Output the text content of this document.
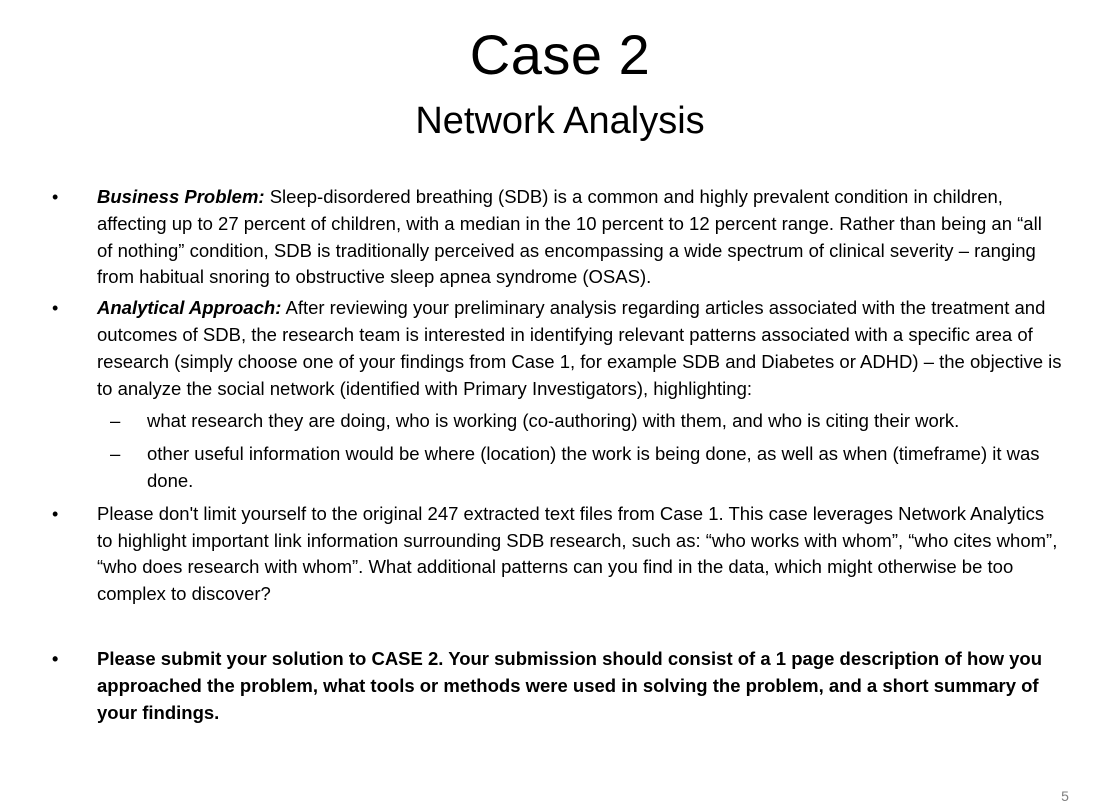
Case 2
Network Analysis
• Business Problem: Sleep-disordered breathing (SDB) is a common and highly prevalent condition in children, affecting up to 27 percent of children, with a median in the 10 percent to 12 percent range. Rather than being an “all of nothing” condition, SDB is traditionally perceived as encompassing a wide spectrum of clinical severity – ranging from habitual snoring to obstructive sleep apnea syndrome (OSAS).
• Analytical Approach: After reviewing your preliminary analysis regarding articles associated with the treatment and outcomes of SDB, the research team is interested in identifying relevant patterns associated with a specific area of research (simply choose one of your findings from Case 1, for example SDB and Diabetes or ADHD) – the objective is to analyze the social network (identified with Primary Investigators), highlighting:
– what research they are doing, who is working (co-authoring) with them, and who is citing their work.
– other useful information would be where (location) the work is being done, as well as when (timeframe) it was done.
• Please don't limit yourself to the original 247 extracted text files from Case 1. This case leverages Network Analytics to highlight important link information surrounding SDB research, such as: “who works with whom”, “who cites whom”, “who does research with whom”. What additional patterns can you find in the data, which might otherwise be too complex to discover?
• Please submit your solution to CASE 2. Your submission should consist of a 1 page description of how you approached the problem, what tools or methods were used in solving the problem, and a short summary of your findings.
5
